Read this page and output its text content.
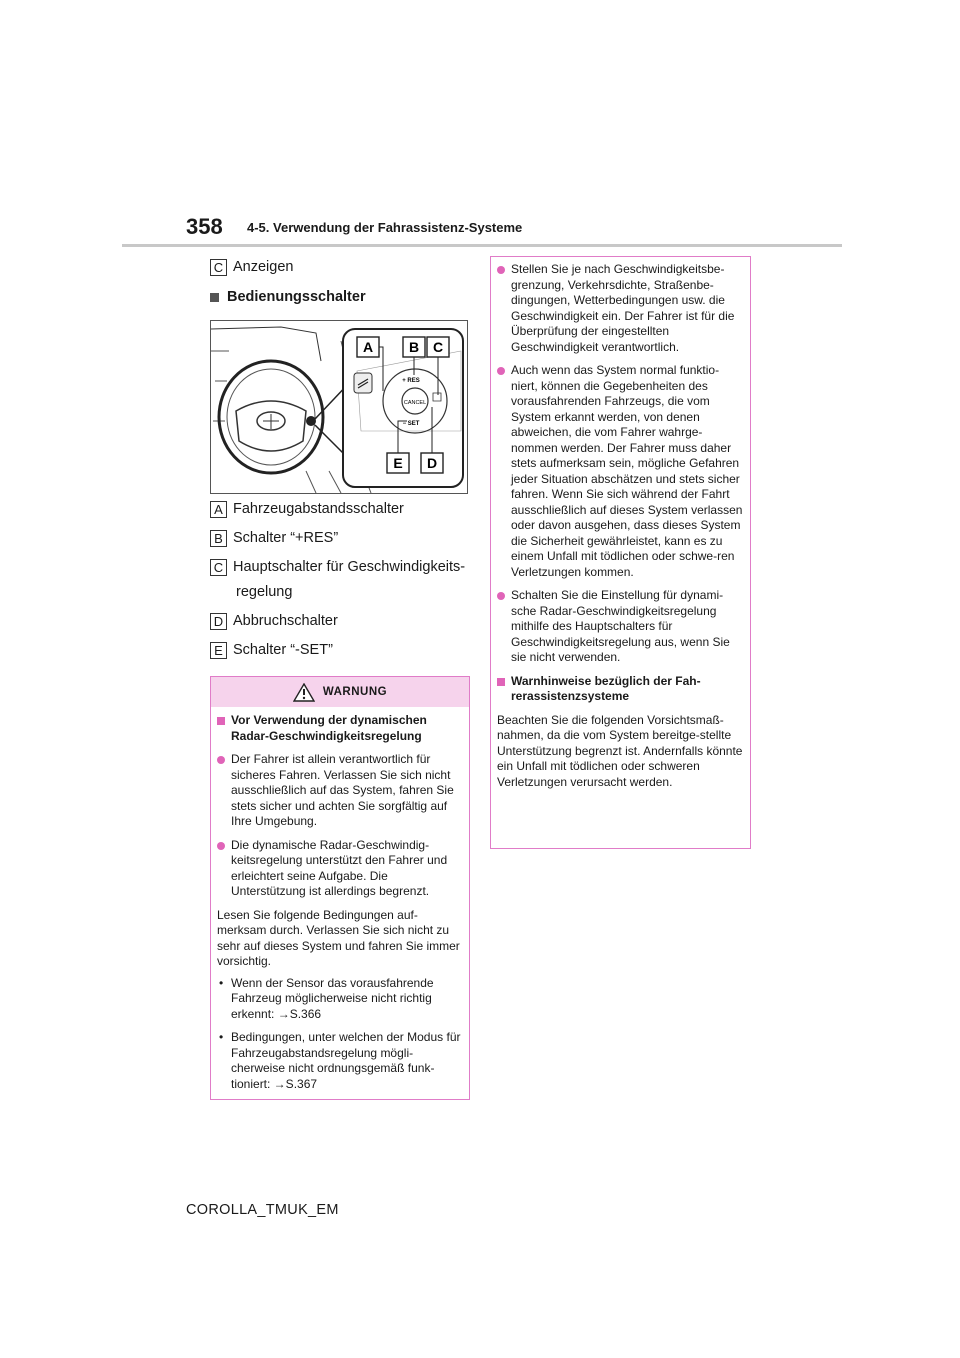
358 4-5. Verwendung der Fahrassistenz-Systeme
C Anzeigen
Bedienungsschalter
CANCEL
+ RES
− SET
A	B C
E D
A Fahrzeugabstandsschalter
B Schalter “+RES”
C Hauptschalter für Geschwindigkeits-
regelung
D Abbruchschalter
E Schalter “-SET”
WARNUNG
Vor Verwendung der dynamischen Radar-Geschwindigkeitsregelung
Der Fahrer ist allein verantwortlich für sicheres Fahren. Verlassen Sie sich nicht ausschließlich auf das System, fahren Sie stets sicher und achten Sie sorgfältig auf Ihre Umgebung.
Die dynamische Radar-Geschwindig-keitsregelung unterstützt den Fahrer und erleichtert seine Aufgabe. Die Unterstützung ist allerdings begrenzt.
Lesen Sie folgende Bedingungen auf-merksam durch. Verlassen Sie sich nicht zu sehr auf dieses System und fahren Sie immer vorsichtig.
• Wenn der Sensor das vorausfahrende Fahrzeug möglicherweise nicht richtig erkennt: →S.366
• Bedingungen, unter welchen der Modus für Fahrzeugabstandsregelung mögli-cherweise nicht ordnungsgemäß funk-tioniert: →S.367
Stellen Sie je nach Geschwindigkeitsbe-grenzung, Verkehrsdichte, Straßenbe-dingungen, Wetterbedingungen usw. die Geschwindigkeit ein. Der Fahrer ist für die Überprüfung der eingestellten Geschwindigkeit verantwortlich.
Auch wenn das System normal funktio-niert, können die Gegebenheiten des vorausfahrenden Fahrzeugs, die vom System erkannt werden, von denen abweichen, die vom Fahrer wahrge-nommen werden. Der Fahrer muss daher stets aufmerksam sein, mögliche Gefahren jeder Situation abschätzen und stets sicher fahren. Wenn Sie sich während der Fahrt ausschließlich auf dieses System verlassen oder davon ausgehen, dass dieses System die Sicherheit gewährleistet, kann es zu einem Unfall mit tödlichen oder schwe-ren Verletzungen kommen.
Schalten Sie die Einstellung für dynami-sche Radar-Geschwindigkeitsregelung mithilfe des Hauptschalters für Geschwindigkeitsregelung aus, wenn Sie sie nicht verwenden.
Warnhinweise bezüglich der Fah-rerassistenzsysteme
Beachten Sie die folgenden Vorsichtsmaß-nahmen, da die vom System bereitge-stellte Unterstützung begrenzt ist. Andernfalls könnte ein Unfall mit tödlichen oder schweren Verletzungen verursacht werden.
COROLLA_TMUK_EM
